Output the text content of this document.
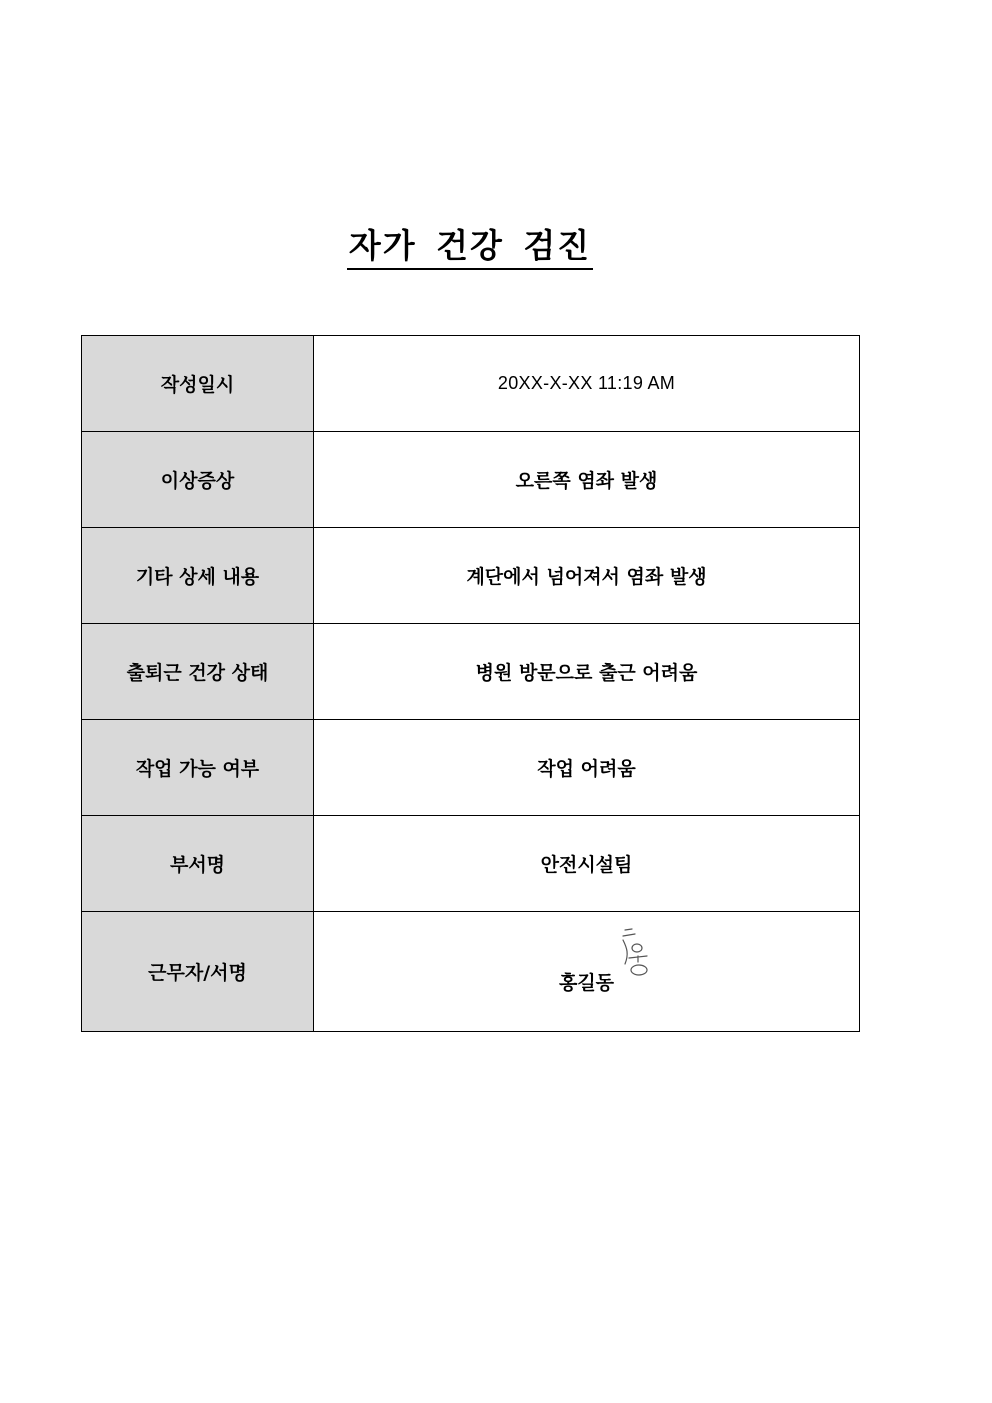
자가 건강 검진
작성일시	20XX-X-XX 11:19 AM
이상증상	오른쪽 염좌 발생
기타 상세 내용	계단에서 넘어져서 염좌 발생
출퇴근 건강 상태	병원 방문으로 출근 어려움
작업 가능 여부	작업 어려움
부서명	안전시설팀
근무자/서명	홍길동
